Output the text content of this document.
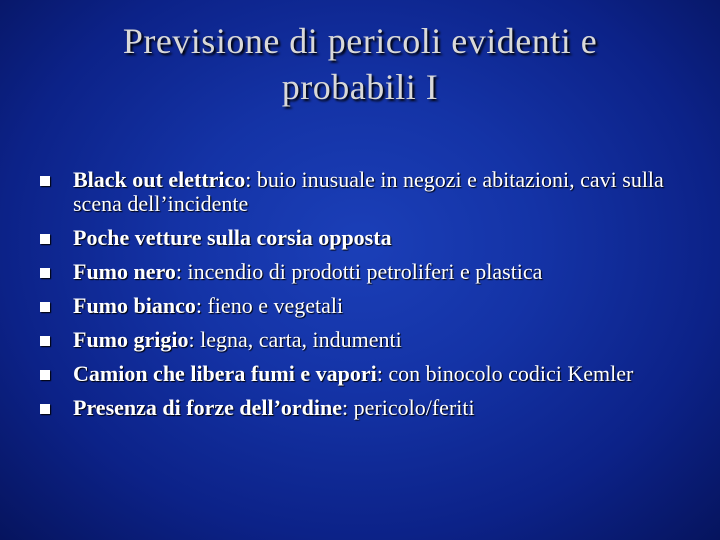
Previsione di pericoli evidenti e
probabili I
Black out elettrico: buio inusuale in negozi e abitazioni, cavi sulla scena dell’incidente
Poche vetture sulla corsia opposta
Fumo nero: incendio di prodotti petroliferi e plastica
Fumo bianco: fieno e vegetali
Fumo grigio: legna, carta, indumenti
Camion che libera fumi e vapori: con binocolo codici Kemler
Presenza di forze dell’ordine: pericolo/feriti
